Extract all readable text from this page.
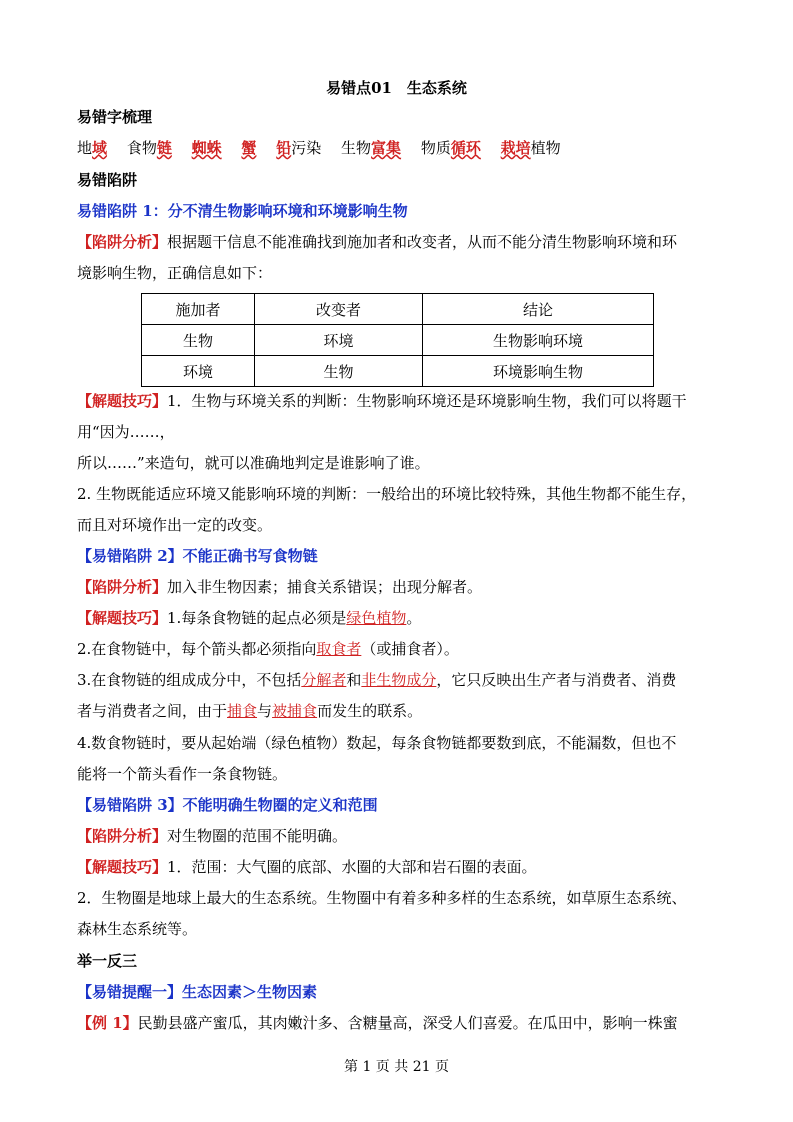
易错点01　生态系统
易错字梳理
地域 　 食物链 　 蜘蛛 　 蟹 　 铅污染 　 生物富集 　 物质循环 　 栽培植物
易错陷阱
易错陷阱 1：分不清生物影响环境和环境影响生物
【陷阱分析】根据题干信息不能准确找到施加者和改变者，从而不能分清生物影响环境和环
境影响生物，正确信息如下：
施加者	改变者	结论
生物	环境	生物影响环境
环境	生物	环境影响生物
【解题技巧】1．生物与环境关系的判断：生物影响环境还是环境影响生物，我们可以将题干
用“因为……，
所以……”来造句，就可以准确地判定是谁影响了谁。
2. 生物既能适应环境又能影响环境的判断：一般给出的环境比较特殊，其他生物都不能生存，
而且对环境作出一定的改变。
【易错陷阱 2】不能正确书写食物链
【陷阱分析】加入非生物因素；捕食关系错误；出现分解者。
【解题技巧】1.每条食物链的起点必须是绿色植物。
2.在食物链中，每个箭头都必须指向取食者（或捕食者）。
3.在食物链的组成成分中，不包括分解者和非生物成分，它只反映出生产者与消费者、消费
者与消费者之间，由于捕食与被捕食而发生的联系。
4.数食物链时，要从起始端（绿色植物）数起，每条食物链都要数到底，不能漏数，但也不
能将一个箭头看作一条食物链。
【易错陷阱 3】不能明确生物圈的定义和范围
【陷阱分析】对生物圈的范围不能明确。
【解题技巧】1．范围：大气圈的底部、水圈的大部和岩石圈的表面。
2．生物圈是地球上最大的生态系统。生物圈中有着多种多样的生态系统，如草原生态系统、
森林生态系统等。
举一反三
【易错提醒一】生态因素＞生物因素
【例 1】民勤县盛产蜜瓜，其肉嫩汁多、含糖量高，深受人们喜爱。在瓜田中，影响一株蜜
第 1 页 共 21 页
